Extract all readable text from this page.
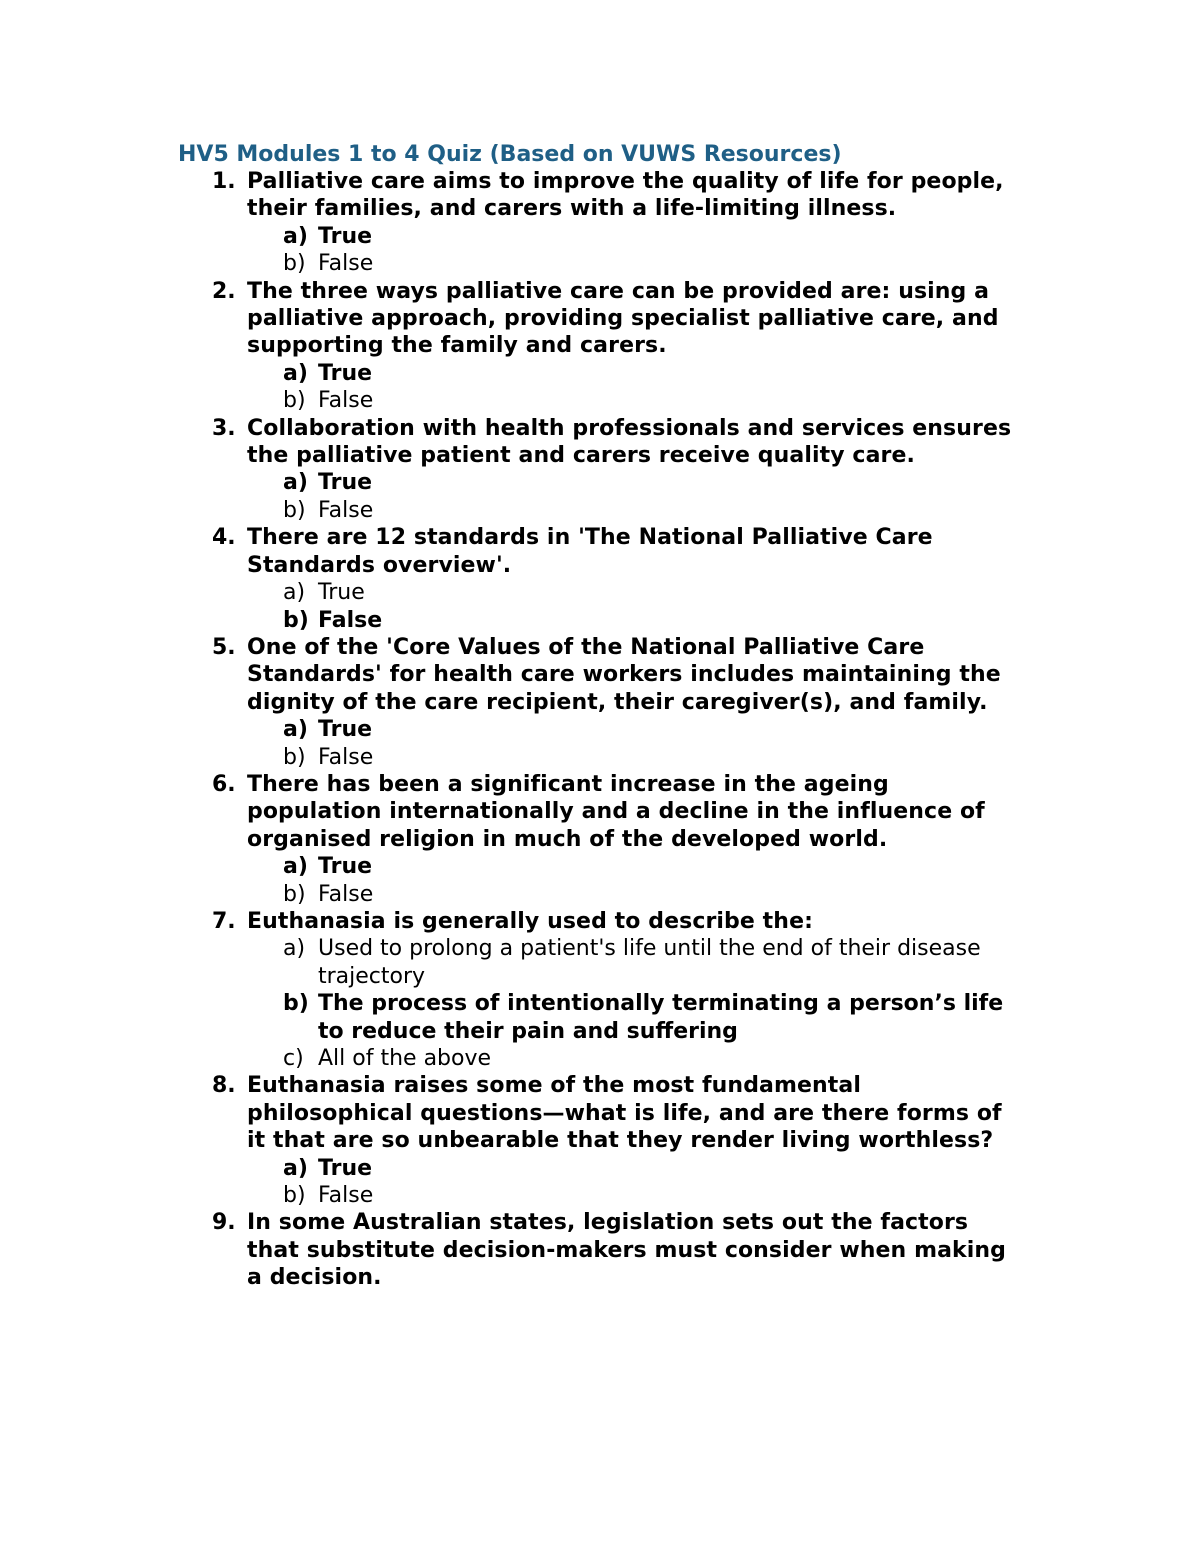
HV5 Modules 1 to 4 Quiz (Based on VUWS Resources)
1. Palliative care aims to improve the quality of life for people, their families, and carers with a life-limiting illness.
a) True
b) False
2. The three ways palliative care can be provided are: using a palliative approach, providing specialist palliative care, and supporting the family and carers.
a) True
b) False
3. Collaboration with health professionals and services ensures the palliative patient and carers receive quality care.
a) True
b) False
4. There are 12 standards in 'The National Palliative Care Standards overview'.
a) True
b) False
5. One of the 'Core Values of the National Palliative Care Standards' for health care workers includes maintaining the dignity of the care recipient, their caregiver(s), and family.
a) True
b) False
6. There has been a significant increase in the ageing population internationally and a decline in the influence of organised religion in much of the developed world.
a) True
b) False
7. Euthanasia is generally used to describe the:
a) Used to prolong a patient's life until the end of their disease trajectory
b) The process of intentionally terminating a person’s life to reduce their pain and suffering
c) All of the above
8. Euthanasia raises some of the most fundamental philosophical questions—what is life, and are there forms of it that are so unbearable that they render living worthless?
a) True
b) False
9. In some Australian states, legislation sets out the factors that substitute decision-makers must consider when making a decision.
